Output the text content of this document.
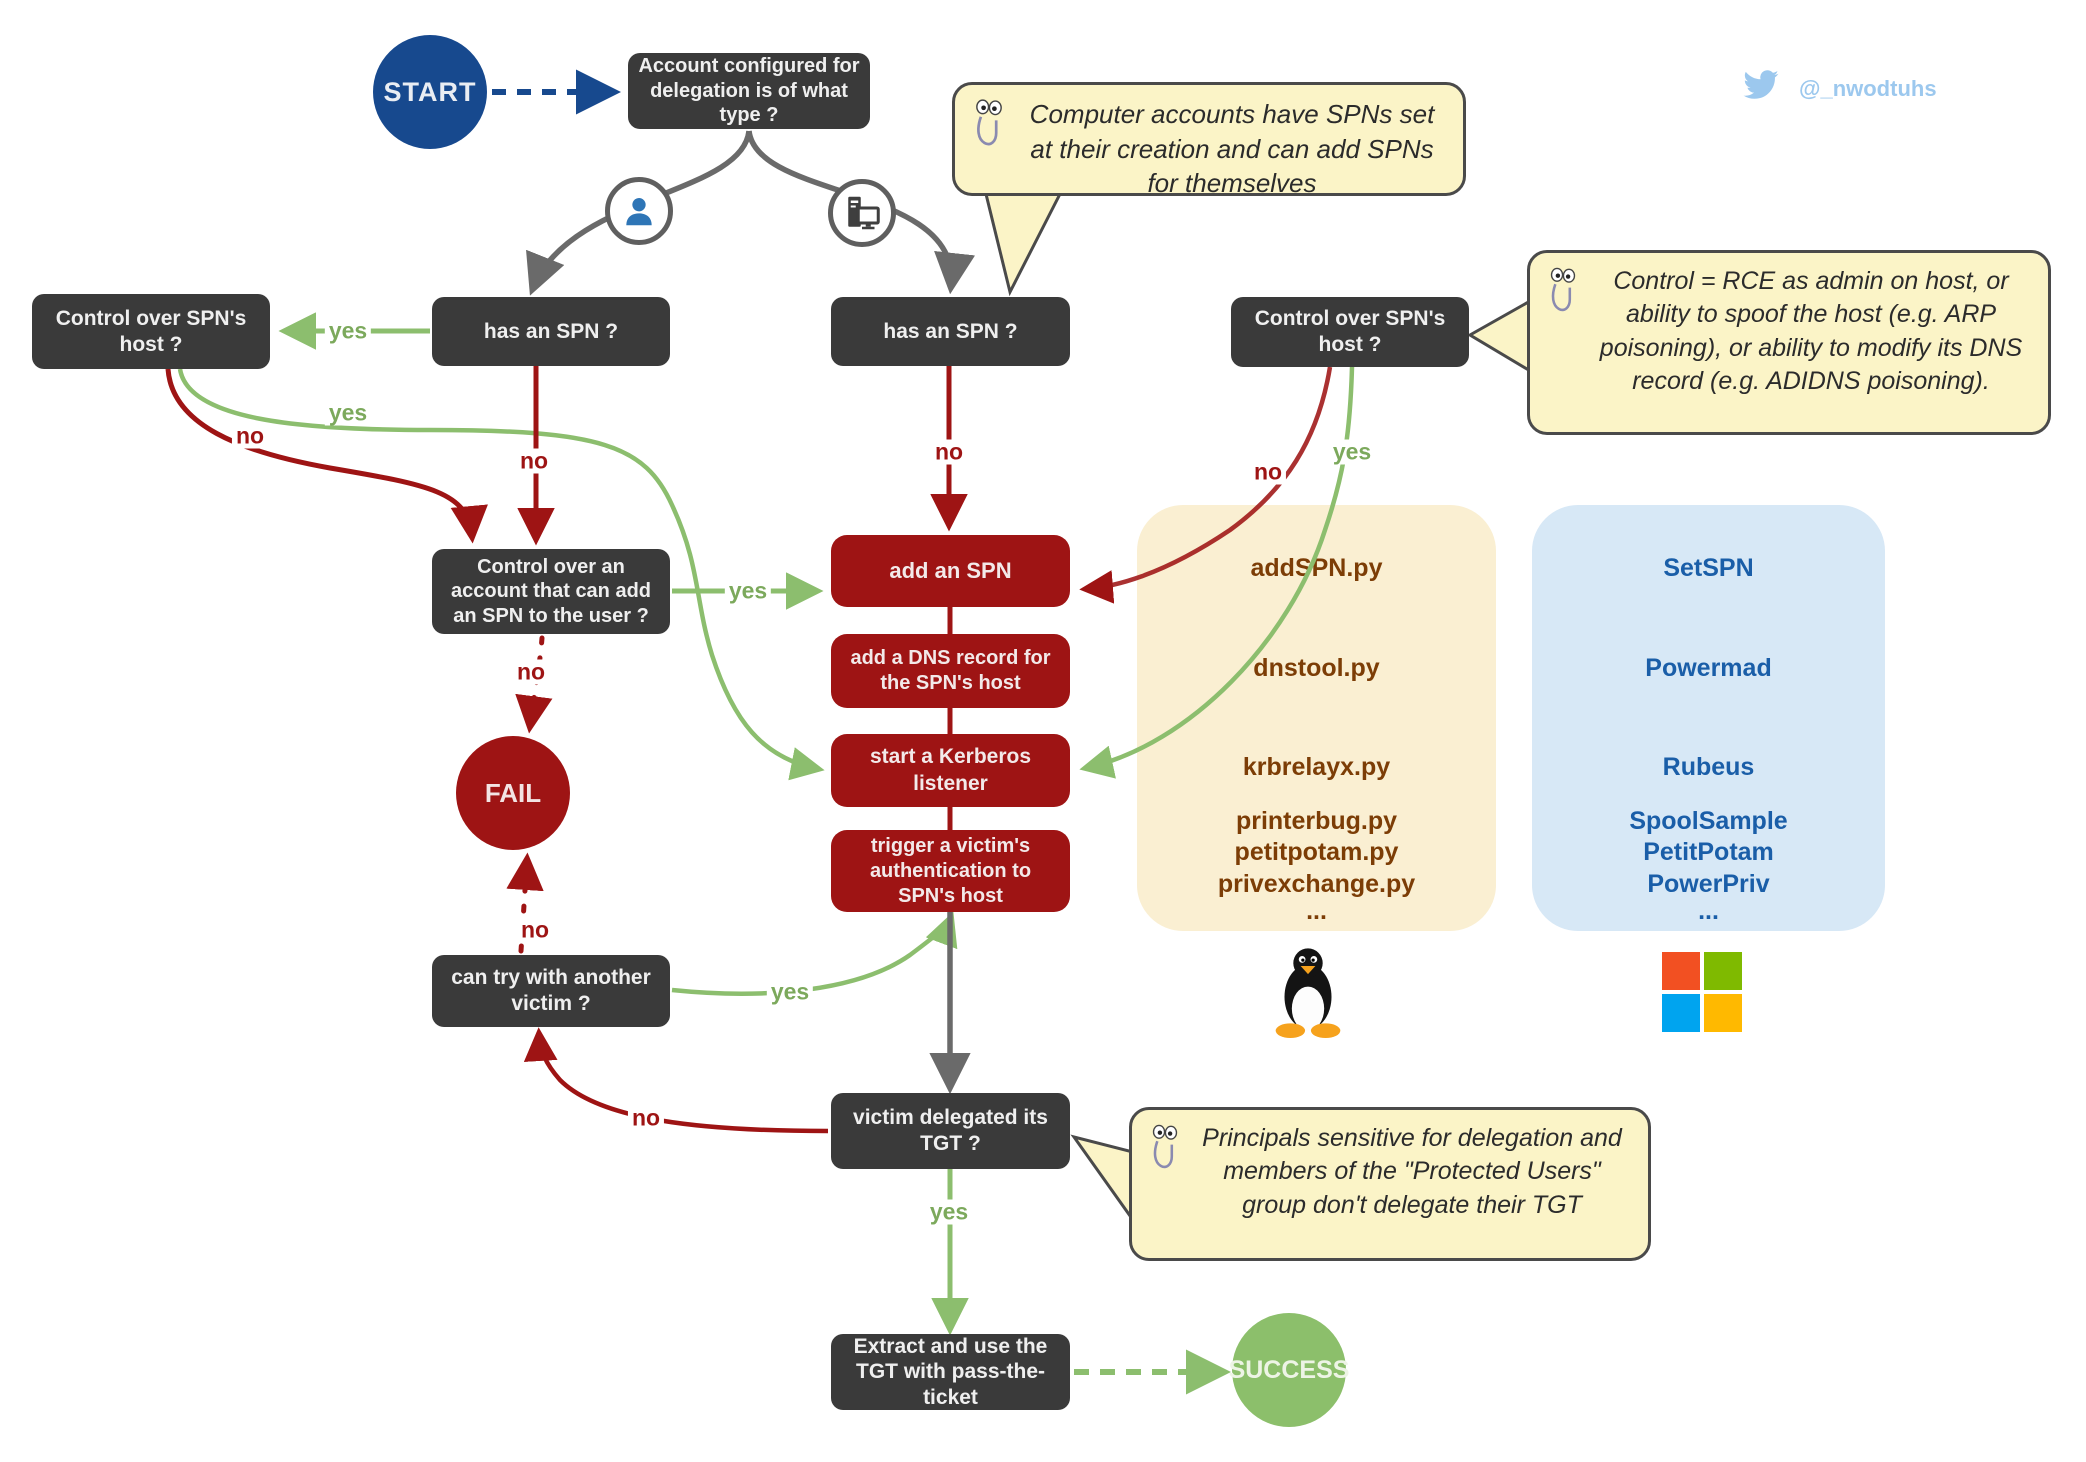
addSPN.py
dnstool.py
krbrelayx.py
printerbug.py
petitpotam.py
privexchange.py
...
SetSPN
Powermad
Rubeus
SpoolSample
PetitPotam
PowerPriv
...
START
FAIL
SUCCESS
Account configured for delegation is of what type ?
Control over SPN's host ?
has an SPN ?	has an SPN ?
Control over SPN's host ?
Control over an account that can add an SPN to the user ?
can try with another victim ?
victim delegated its TGT ?
Extract and use the TGT with pass-the-ticket
add an SPN
add a DNS record for the SPN's host
start a Kerberos listener
trigger a victim's authentication to SPN's host
Computer accounts have SPNs set at their creation and can add SPNs for themselves
Control = RCE as admin on host, or ability to spoof the host (e.g. ARP poisoning), or ability to modify its DNS record (e.g. ADIDNS poisoning).
Principals sensitive for delegation and members of the "Protected Users" group don't delegate their TGT
yes
yes
no
no	no
no
yes
yes
no
no
yes
no
yes
@_nwodtuhs
